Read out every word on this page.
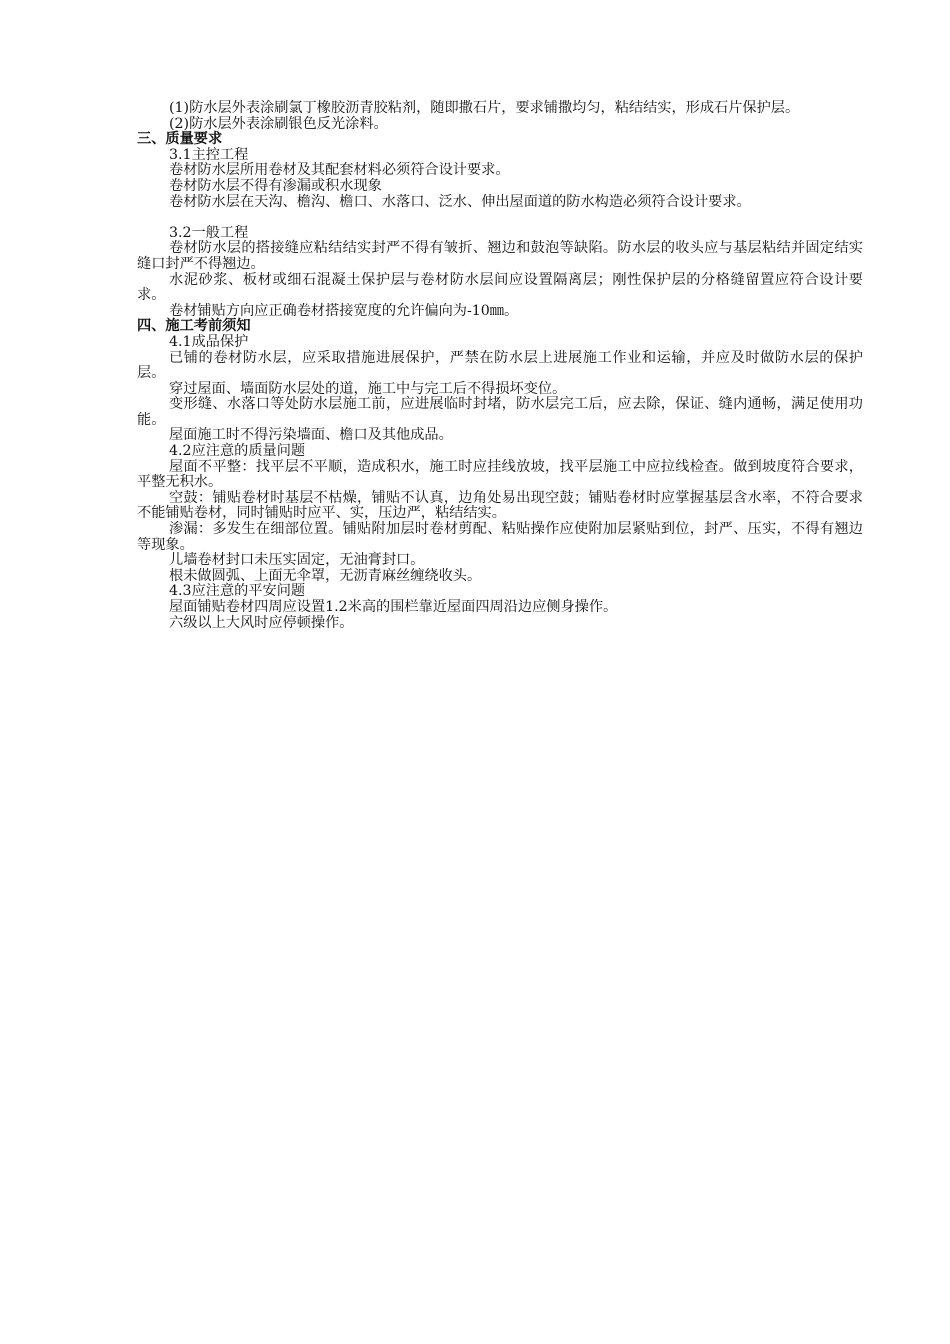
(1)防水层外表涂刷氯丁橡胶沥青胶粘剂，随即撒石片，要求铺撒均匀，粘结结实，形成石片保护层。

(2)防水层外表涂刷银色反光涂料。

三、质量要求

3.1主控工程

卷材防水层所用卷材及其配套材料必须符合设计要求。

卷材防水层不得有渗漏或积水现象

卷材防水层在天沟、檐沟、檐口、水落口、泛水、伸出屋面道的防水构造必须符合设计要求。

3.2一般工程

卷材防水层的搭接缝应粘结结实封严不得有皱折、翘边和鼓泡等缺陷。防水层的收头应与基层粘结并固定结实缝口封严不得翘边。

水泥砂浆、板材或细石混凝土保护层与卷材防水层间应设置隔离层；刚性保护层的分格缝留置应符合设计要求。

卷材铺贴方向应正确卷材搭接宽度的允许偏向为-10㎜。

四、施工考前须知

4.1成品保护

已铺的卷材防水层，应采取措施进展保护，严禁在防水层上进展施工作业和运输，并应及时做防水层的保护层。

穿过屋面、墙面防水层处的道，施工中与完工后不得损坏变位。

变形缝、水落口等处防水层施工前，应进展临时封堵，防水层完工后，应去除，保证、缝内通畅，满足使用功能。

屋面施工时不得污染墙面、檐口及其他成品。

4.2应注意的质量问题

屋面不平整：找平层不平顺，造成积水，施工时应挂线放坡，找平层施工中应拉线检查。做到坡度符合要求，平整无积水。

空鼓：铺贴卷材时基层不枯燥，铺贴不认真，边角处易出现空鼓；铺贴卷材时应掌握基层含水率，不符合要求不能铺贴卷材，同时铺贴时应平、实，压边严，粘结结实。

渗漏：多发生在细部位置。铺贴附加层时卷材剪配、粘贴操作应使附加层紧贴到位，封严、压实，不得有翘边等现象。

儿墙卷材封口未压实固定，无油膏封口。

根未做圆弧、上面无伞罩，无沥青麻丝缠绕收头。

4.3应注意的平安问题

屋面铺贴卷材四周应设置1.2米高的围栏靠近屋面四周沿边应侧身操作。

六级以上大风时应停顿操作。
